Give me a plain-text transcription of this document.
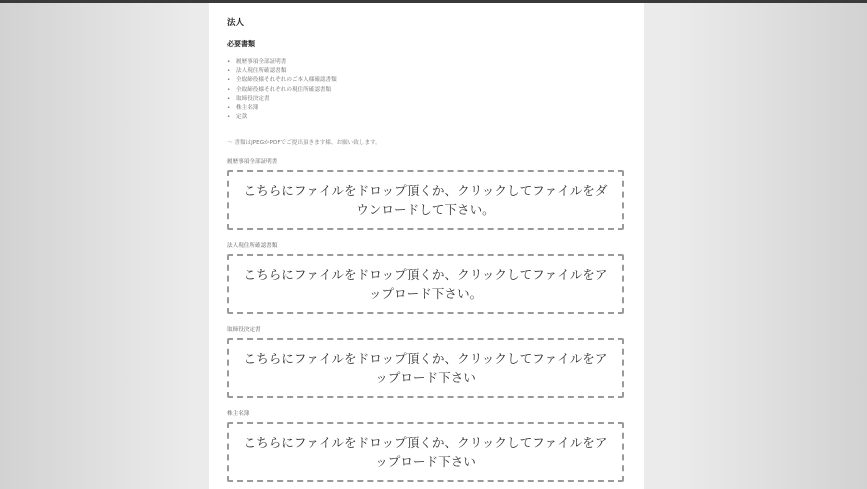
法人
必要書類
• 履歴事項全部証明書
• 法人現住所確認書類
• 全取締役様それぞれのご本人様確認書類
• 全取締役様それぞれの現住所確認書類
• 取締役決定書
• 株主名簿
• 定款
〜 書類はJPEGかPDFでご提出頂きます様、お願い致します。
履歴事項全部証明書
こちらにファイルをドロップ頂くか、クリックしてファイルをダウンロードして下さい。
法人現住所確認書類
こちらにファイルをドロップ頂くか、クリックしてファイルをアップロード下さい。
取締役決定書
こちらにファイルをドロップ頂くか、クリックしてファイルをアップロード下さい
株主名簿
こちらにファイルをドロップ頂くか、クリックしてファイルをアップロード下さい
